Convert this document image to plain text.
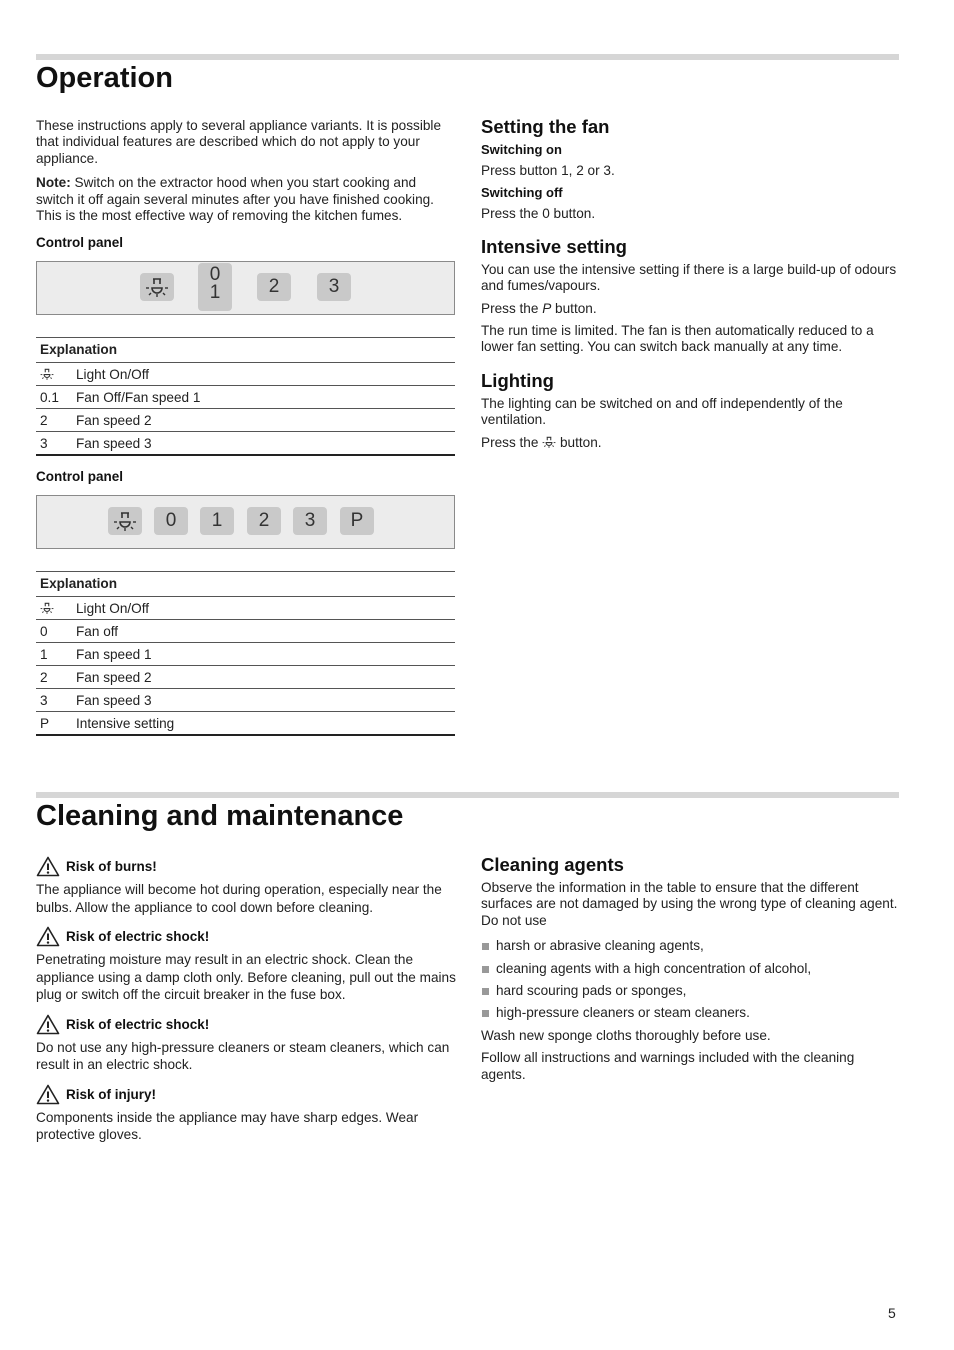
Operation

These instructions apply to several appliance variants. It is possible that individual features are described which do not apply to your appliance.

Note: Switch on the extractor hood when you start cooking and switch it off again several minutes after you have finished cooking. This is the most effective way of removing the kitchen fumes.

Control panel
0
1	2	3
Explanation	
	Light On/Off
0.1	Fan Off/Fan speed 1
2	Fan speed 2
3	Fan speed 3
Control panel
0	1	2	3	P
Explanation	
	Light On/Off
0	Fan off
1	Fan speed 1
2	Fan speed 2
3	Fan speed 3
P	Intensive setting
Setting the fan
Switching on

Press button 1, 2 or 3.

Switching off

Press the 0 button.

Intensive setting

You can use the intensive setting if there is a large build-up of odours and fumes/vapours.

Press the P button.

The run time is limited. The fan is then automatically reduced to a lower fan setting. You can switch back manually at any time.

Lighting

The lighting can be switched on and off independently of the ventilation.

Press the  button.

Cleaning and maintenance
Risk of burns!

The appliance will become hot during operation, especially near the bulbs. Allow the appliance to cool down before cleaning.

Risk of electric shock!

Penetrating moisture may result in an electric shock. Clean the appliance using a damp cloth only. Before cleaning, pull out the mains plug or switch off the circuit breaker in the fuse box.

Risk of electric shock!

Do not use any high-pressure cleaners or steam cleaners, which can result in an electric shock.

Risk of injury!

Components inside the appliance may have sharp edges. Wear protective gloves.

Cleaning agents

Observe the information in the table to ensure that the different surfaces are not damaged by using the wrong type of cleaning agent. Do not use

harsh or abrasive cleaning agents,
cleaning agents with a high concentration of alcohol,
hard scouring pads or sponges,
high-pressure cleaners or steam cleaners.

Wash new sponge cloths thoroughly before use.

Follow all instructions and warnings included with the cleaning agents.

5
